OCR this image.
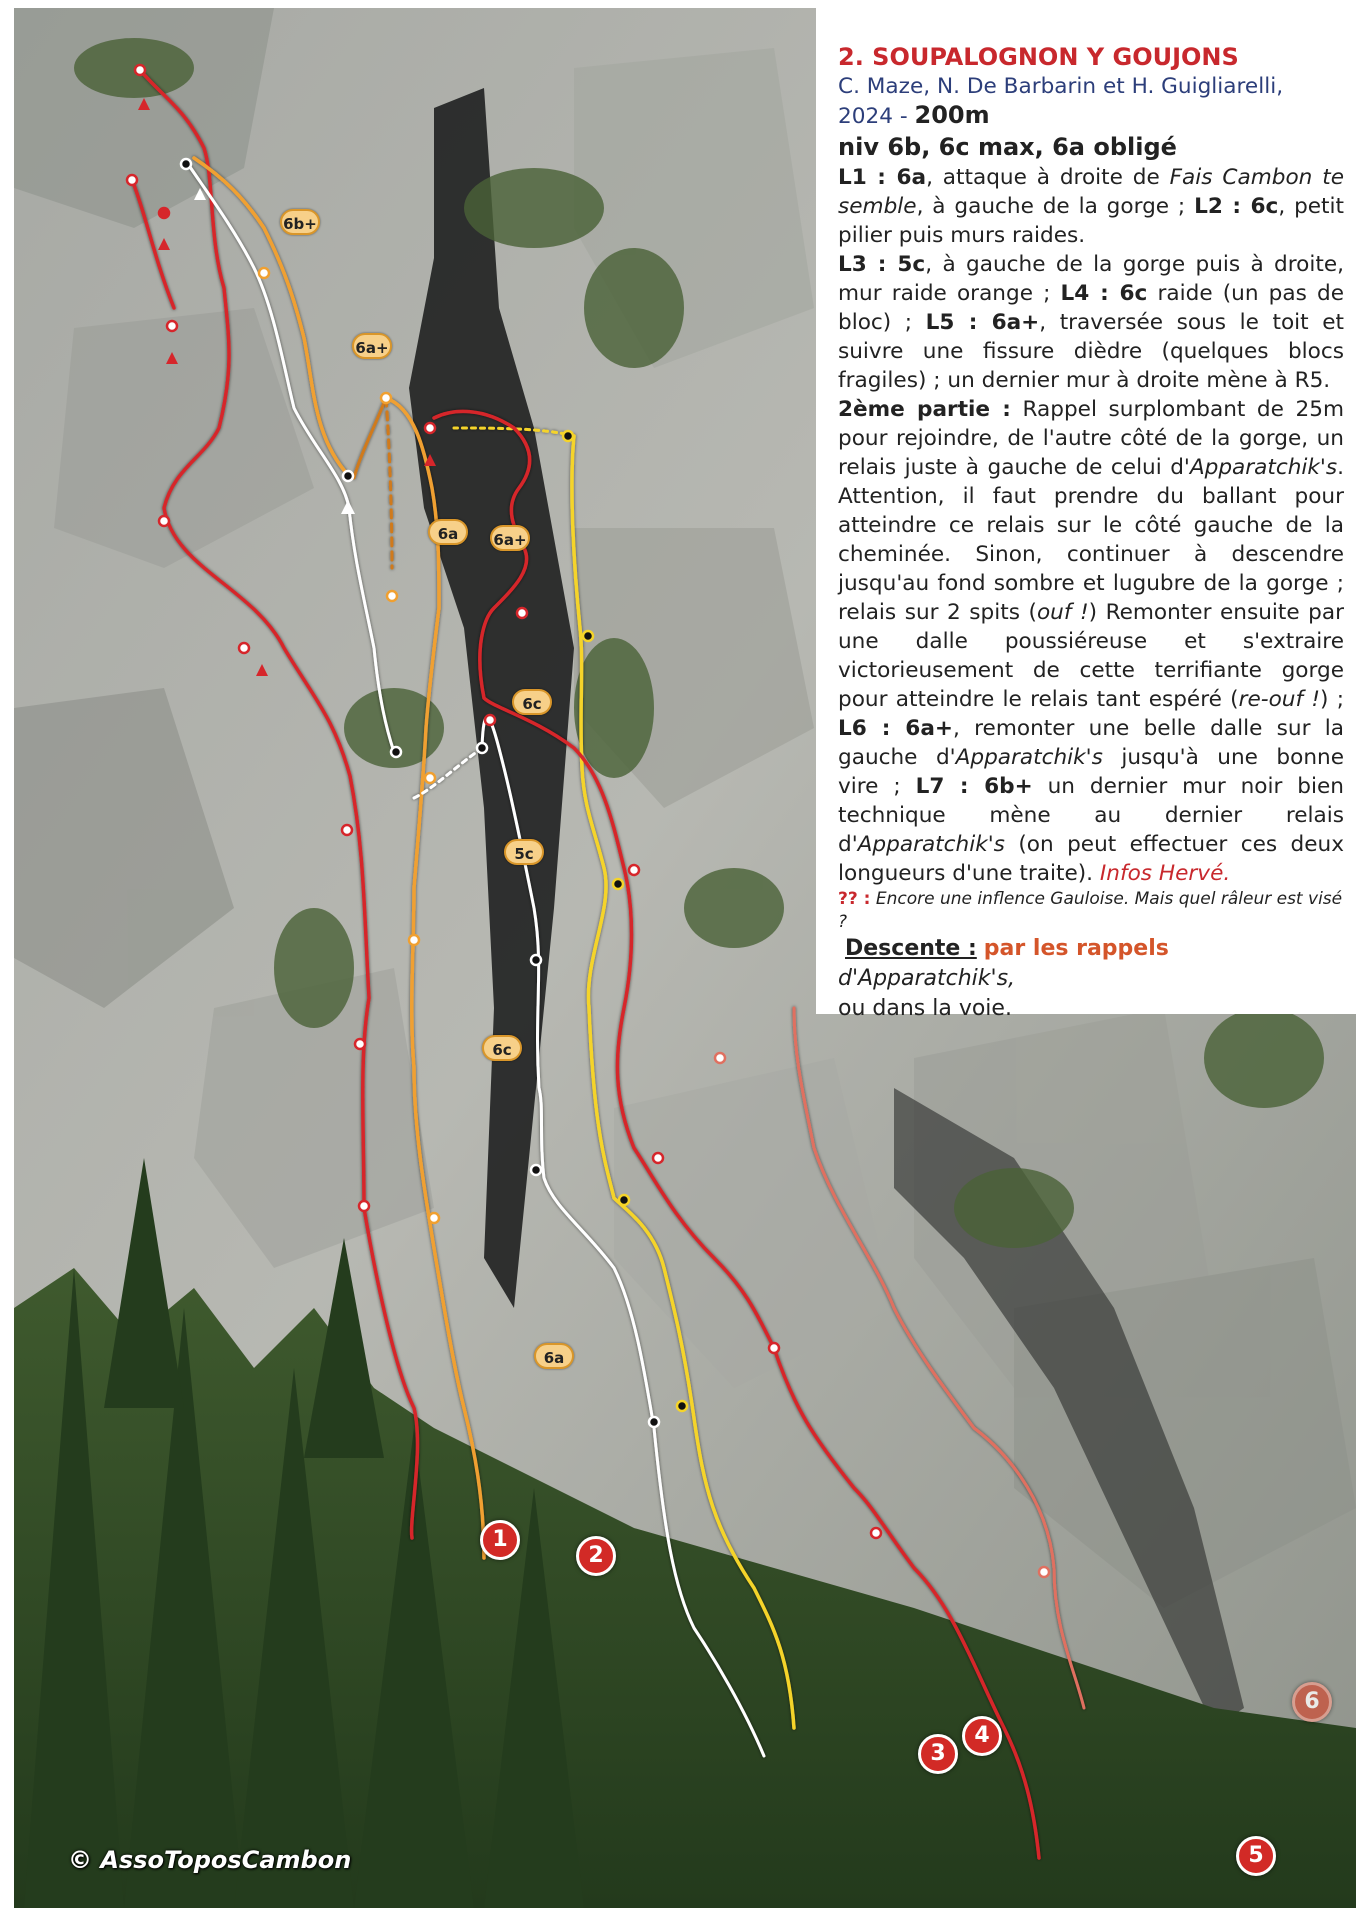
2. SOUPALOGNON Y GOUJONS

C. Maze, N. De Barbarin et H. Guigliarelli, 2024 - 200m

niv 6b, 6c max, 6a obligé

L1 : 6a, attaque à droite de Fais Cambon te semble, à gauche de la gorge ; L2 : 6c, petit pilier puis murs raides.

L3 : 5c, à gauche de la gorge puis à droite, mur raide orange ; L4 : 6c raide (un pas de bloc) ; L5 : 6a+, traversée sous le toit et suivre une fissure dièdre (quelques blocs fragiles) ; un dernier mur à droite mène à R5.

2ème partie : Rappel surplombant de 25m pour rejoindre, de l'autre côté de la gorge, un relais juste à gauche de celui d'Apparatchik's. Attention, il faut prendre du ballant pour atteindre ce relais sur le côté gauche de la cheminée. Sinon, continuer à descendre jusqu'au fond sombre et lugubre de la gorge ; relais sur 2 spits (ouf !) Remonter ensuite par une dalle poussiéreuse et s'extraire victorieusement de cette terrifiante gorge pour atteindre le relais tant espéré (re-ouf !) ; L6 : 6a+, remonter une belle dalle sur la gauche d'Apparatchik's jusqu'à une bonne vire ; L7 : 6b+ un dernier mur noir bien technique mène au dernier relais d'Apparatchik's (on peut effectuer ces deux longueurs d'une traite). Infos Hervé.

?? : Encore une inflence Gauloise. Mais quel râleur est visé ?

Descente : par les rappels d'Apparatchik's,
ou dans la voie.

© AssoToposCambon
6b+
6a+
6a	6a+
6c
5c
6c
6a
1
2
3
4
5
6
